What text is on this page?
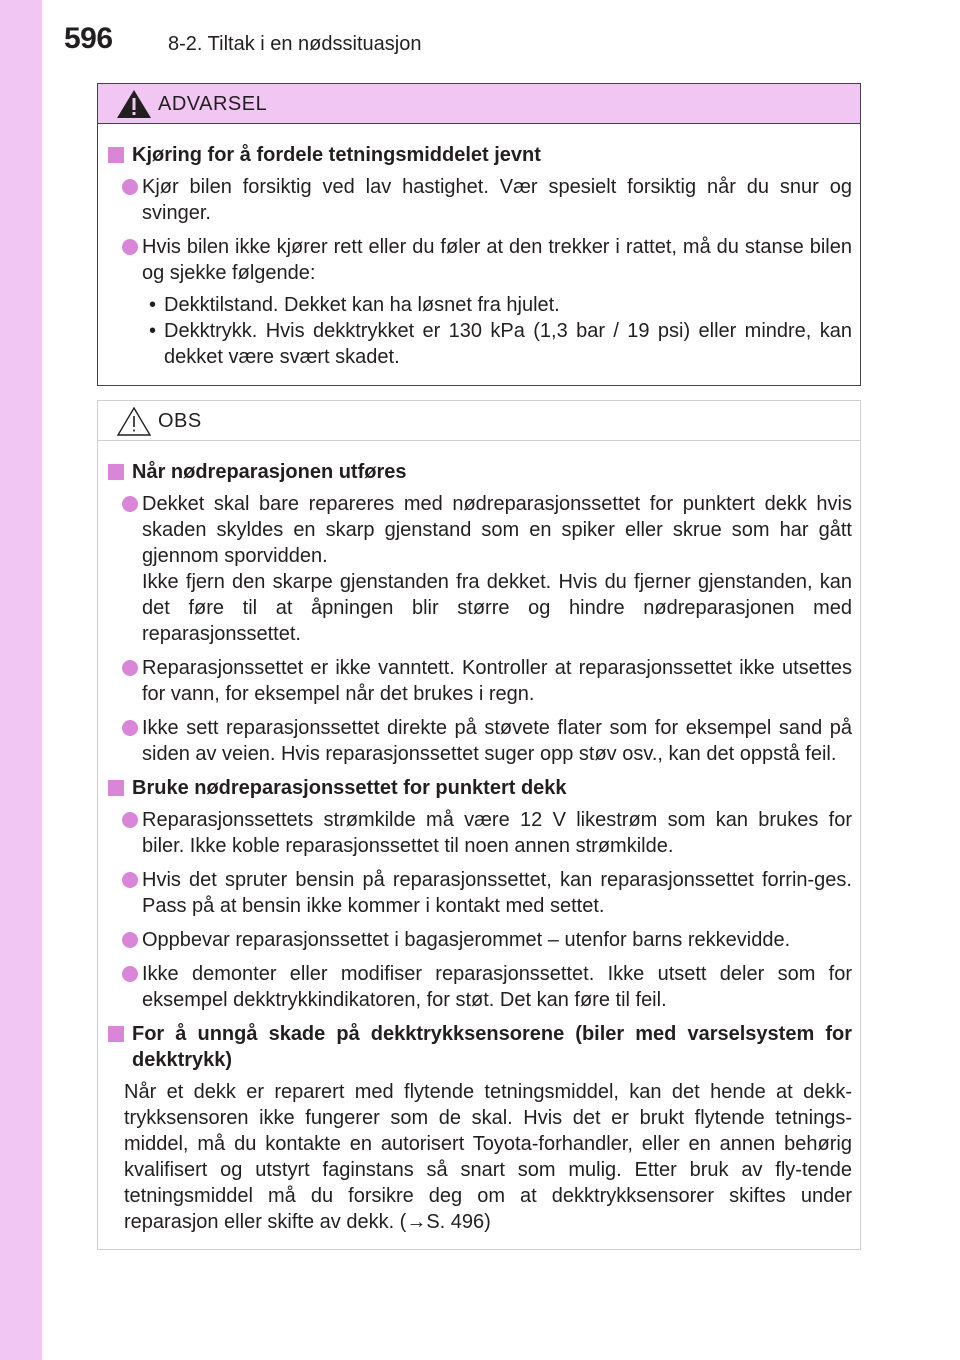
596	8-2. Tiltak i en nødssituasjon
ADVARSEL
Kjøring for å fordele tetningsmiddelet jevnt
Kjør bilen forsiktig ved lav hastighet. Vær spesielt forsiktig når du snur og svinger.
Hvis bilen ikke kjører rett eller du føler at den trekker i rattet, må du stanse bilen og sjekke følgende:
• Dekktilstand. Dekket kan ha løsnet fra hjulet.
• Dekktrykk. Hvis dekktrykket er 130 kPa (1,3 bar / 19 psi) eller mindre, kan dekket være svært skadet.
OBS
Når nødreparasjonen utføres
Dekket skal bare repareres med nødreparasjonssettet for punktert dekk hvis skaden skyldes en skarp gjenstand som en spiker eller skrue som har gått gjennom sporvidden.
Ikke fjern den skarpe gjenstanden fra dekket. Hvis du fjerner gjenstanden, kan det føre til at åpningen blir større og hindre nødreparasjonen med reparasjonssettet.
Reparasjonssettet er ikke vanntett. Kontroller at reparasjonssettet ikke utsettes for vann, for eksempel når det brukes i regn.
Ikke sett reparasjonssettet direkte på støvete flater som for eksempel sand på siden av veien. Hvis reparasjonssettet suger opp støv osv., kan det oppstå feil.
Bruke nødreparasjonssettet for punktert dekk
Reparasjonssettets strømkilde må være 12 V likestrøm som kan brukes for biler. Ikke koble reparasjonssettet til noen annen strømkilde.
Hvis det spruter bensin på reparasjonssettet, kan reparasjonssettet forrin-ges. Pass på at bensin ikke kommer i kontakt med settet.
Oppbevar reparasjonssettet i bagasjerommet – utenfor barns rekkevidde.
Ikke demonter eller modifiser reparasjonssettet. Ikke utsett deler som for eksempel dekktrykkindikatoren, for støt. Det kan føre til feil.
For å unngå skade på dekktrykksensorene (biler med varselsystem for dekktrykk)
Når et dekk er reparert med flytende tetningsmiddel, kan det hende at dekk-trykksensoren ikke fungerer som de skal. Hvis det er brukt flytende tetnings-middel, må du kontakte en autorisert Toyota-forhandler, eller en annen behørig kvalifisert og utstyrt faginstans så snart som mulig. Etter bruk av fly-tende tetningsmiddel må du forsikre deg om at dekktrykksensorer skiftes under reparasjon eller skifte av dekk. (→S. 496)
